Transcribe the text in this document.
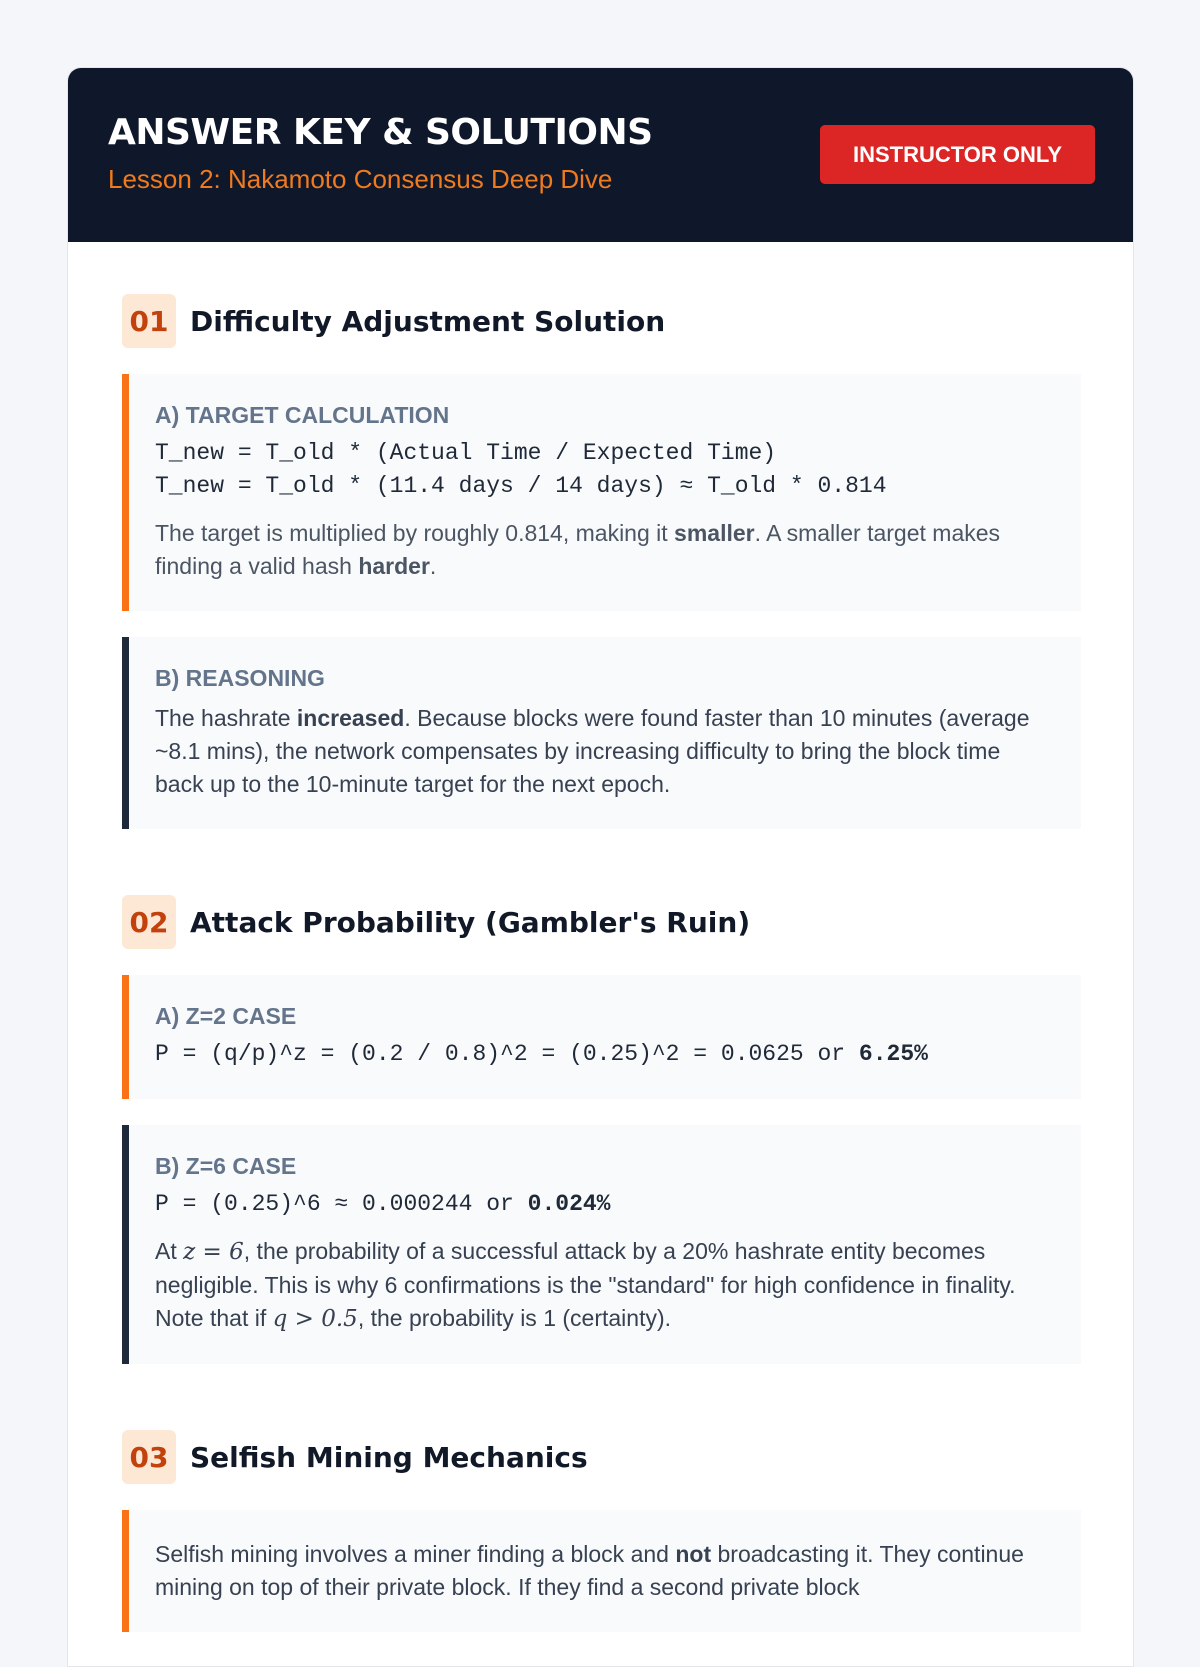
ANSWER KEY & SOLUTIONS
Lesson 2: Nakamoto Consensus Deep Dive
INSTRUCTOR ONLY
01 Difficulty Adjustment Solution
A) TARGET CALCULATION
T_new = T_old * (Actual Time / Expected Time)
T_new = T_old * (11.4 days / 14 days) ≈ T_old * 0.814
The target is multiplied by roughly 0.814, making it smaller. A smaller target makes finding a valid hash harder.
B) REASONING
The hashrate increased. Because blocks were found faster than 10 minutes (average ~8.1 mins), the network compensates by increasing difficulty to bring the block time back up to the 10-minute target for the next epoch.
02 Attack Probability (Gambler's Ruin)
A) Z=2 CASE
P = (q/p)^z = (0.2 / 0.8)^2 = (0.25)^2 = 0.0625 or 6.25%
B) Z=6 CASE
P = (0.25)^6 ≈ 0.000244 or 0.024%
At z = 6, the probability of a successful attack by a 20% hashrate entity becomes negligible. This is why 6 confirmations is the "standard" for high confidence in finality. Note that if q > 0.5, the probability is 1 (certainty).
03 Selfish Mining Mechanics
Selfish mining involves a miner finding a block and not broadcasting it. They continue mining on top of their private block. If they find a second private block
